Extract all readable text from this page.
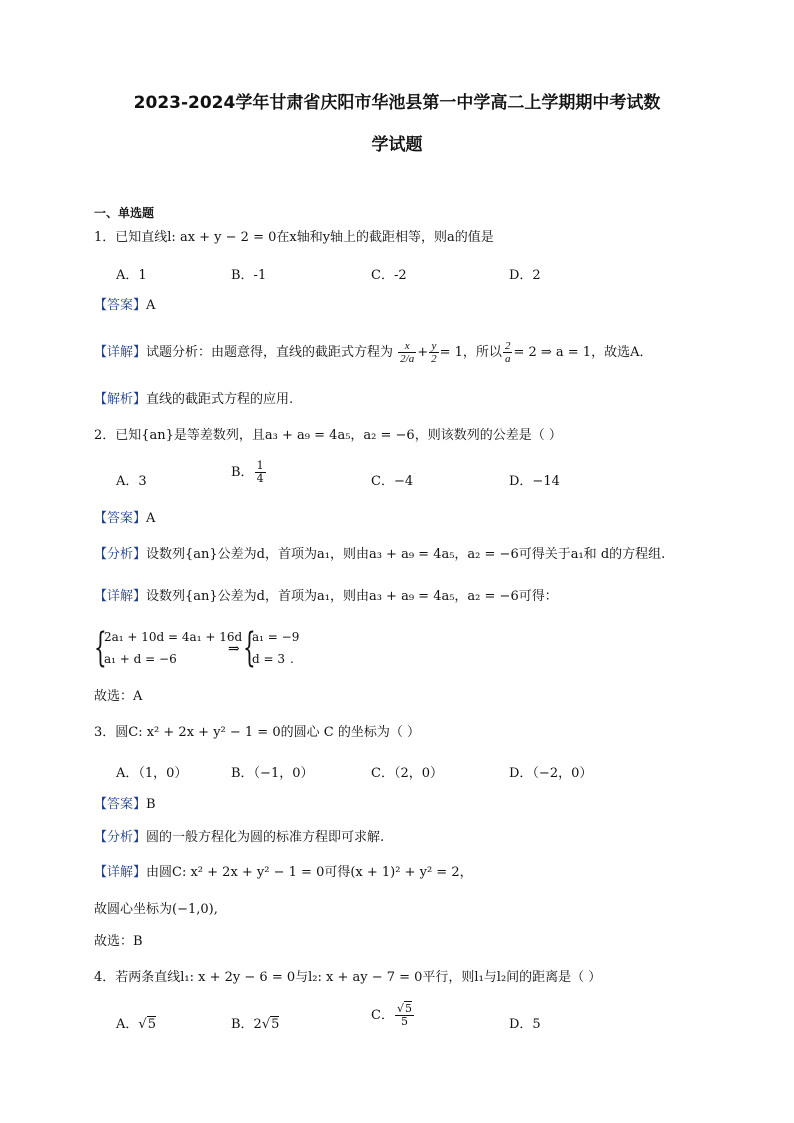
2023-2024学年甘肃省庆阳市华池县第一中学高二上学期期中考试数
学试题
一、单选题
1．已知直线l: ax + y − 2 = 0在x轴和y轴上的截距相等，则a的值是
A．1	B．-1	C．-2	D．2
【答案】A
【详解】试题分析：由题意得，直线的截距式方程为 $\frac{x}{2/a} + \frac{y}{2} = 1$，所以 $\frac{2}{a} = 2$ ⇒ a = 1，故选A．
【解析】直线的截距式方程的应用.
2．已知{an}是等差数列，且a₃ + a₉ = 4a₅，a₂ = −6，则该数列的公差是（ ）
A．3
B． $\frac{1}{4}$	C．−4	D．−14
【答案】A
【分析】设数列{an}公差为d，首项为a₁，则由a₃ + a₉ = 4a₅，a₂ = −6可得关于a₁和 d的方程组.
【详解】设数列{an}公差为d，首项为a₁，则由a₃ + a₉ = 4a₅，a₂ = −6可得：
{
2a₁ + 10d = 4a₁ + 16d
a₁ + d = −6
⇒ {
a₁ = −9
d = 3 .
故选：A
3．圆C: x² + 2x + y² − 1 = 0的圆心 C 的坐标为（ ）
A．（1，0）	B．（−1，0）	C．（2，0）	D．（−2，0）
【答案】B
【分析】圆的一般方程化为圆的标准方程即可求解.
【详解】由圆C: x² + 2x + y² − 1 = 0可得(x + 1)² + y² = 2，
故圆心坐标为(−1,0),
故选：B
4．若两条直线l₁: x + 2y − 6 = 0与l₂: x + ay − 7 = 0平行，则l₁与l₂间的距离是（ ）
A．√5	B．2√5
C． $\frac{√5}{5}$	D．5
